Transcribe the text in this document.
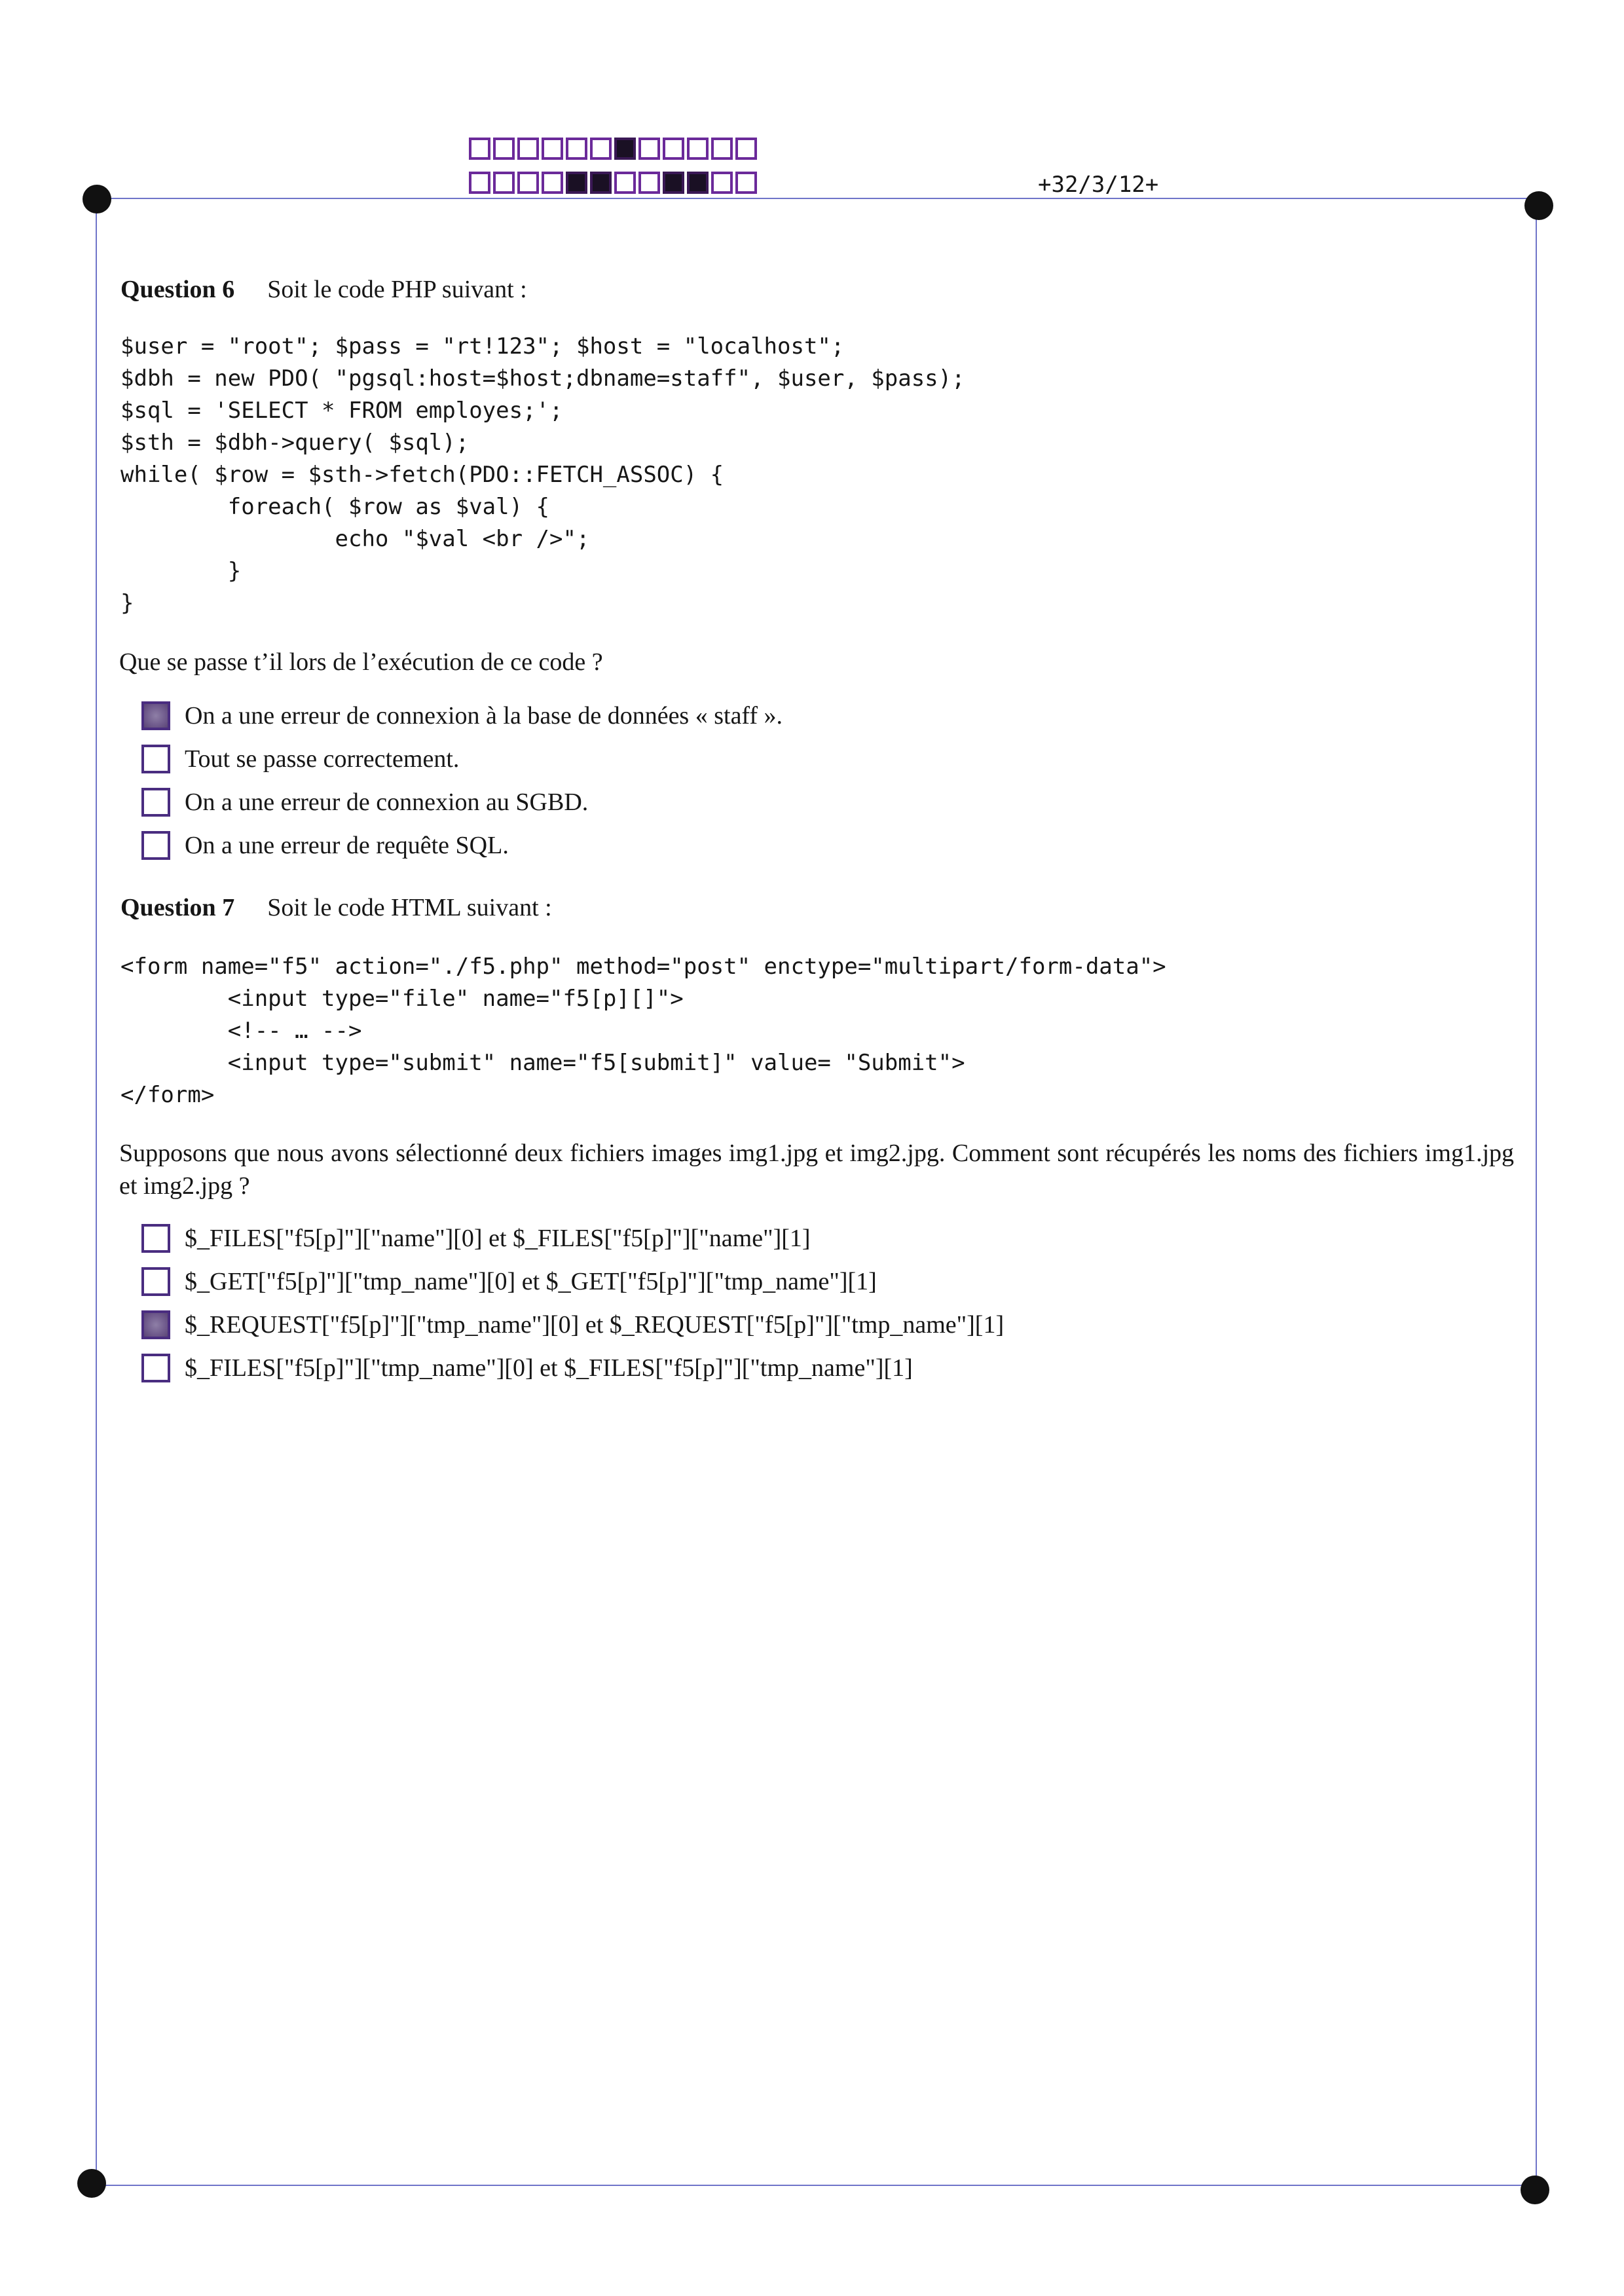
+32/3/12+
Question 6 Soit le code PHP suivant :
$user = "root"; $pass = "rt!123"; $host = "localhost";
$dbh = new PDO( "pgsql:host=$host;dbname=staff", $user, $pass);
$sql = 'SELECT * FROM employes;';
$sth = $dbh->query( $sql);
while( $row = $sth->fetch(PDO::FETCH_ASSOC) {
foreach( $row as $val) {
echo "$val <br />";
}
}
Que se passe t’il lors de l’exécution de ce code ?
On a une erreur de connexion à la base de données « staff ».
Tout se passe correctement.
On a une erreur de connexion au SGBD.
On a une erreur de requête SQL.
Question 7 Soit le code HTML suivant :
<form name="f5" action="./f5.php" method="post" enctype="multipart/form-data">
<input type="file" name="f5[p][]">
<!-- … -->
<input type="submit" name="f5[submit]" value= "Submit">
</form>
Supposons que nous avons sélectionné deux fichiers images img1.jpg et img2.jpg. Comment sont récupérés les noms des fichiers img1.jpg et img2.jpg ?
$_FILES["f5[p]"]["name"][0] et $_FILES["f5[p]"]["name"][1]
$_GET["f5[p]"]["tmp_name"][0] et $_GET["f5[p]"]["tmp_name"][1]
$_REQUEST["f5[p]"]["tmp_name"][0] et $_REQUEST["f5[p]"]["tmp_name"][1]
$_FILES["f5[p]"]["tmp_name"][0] et $_FILES["f5[p]"]["tmp_name"][1]
